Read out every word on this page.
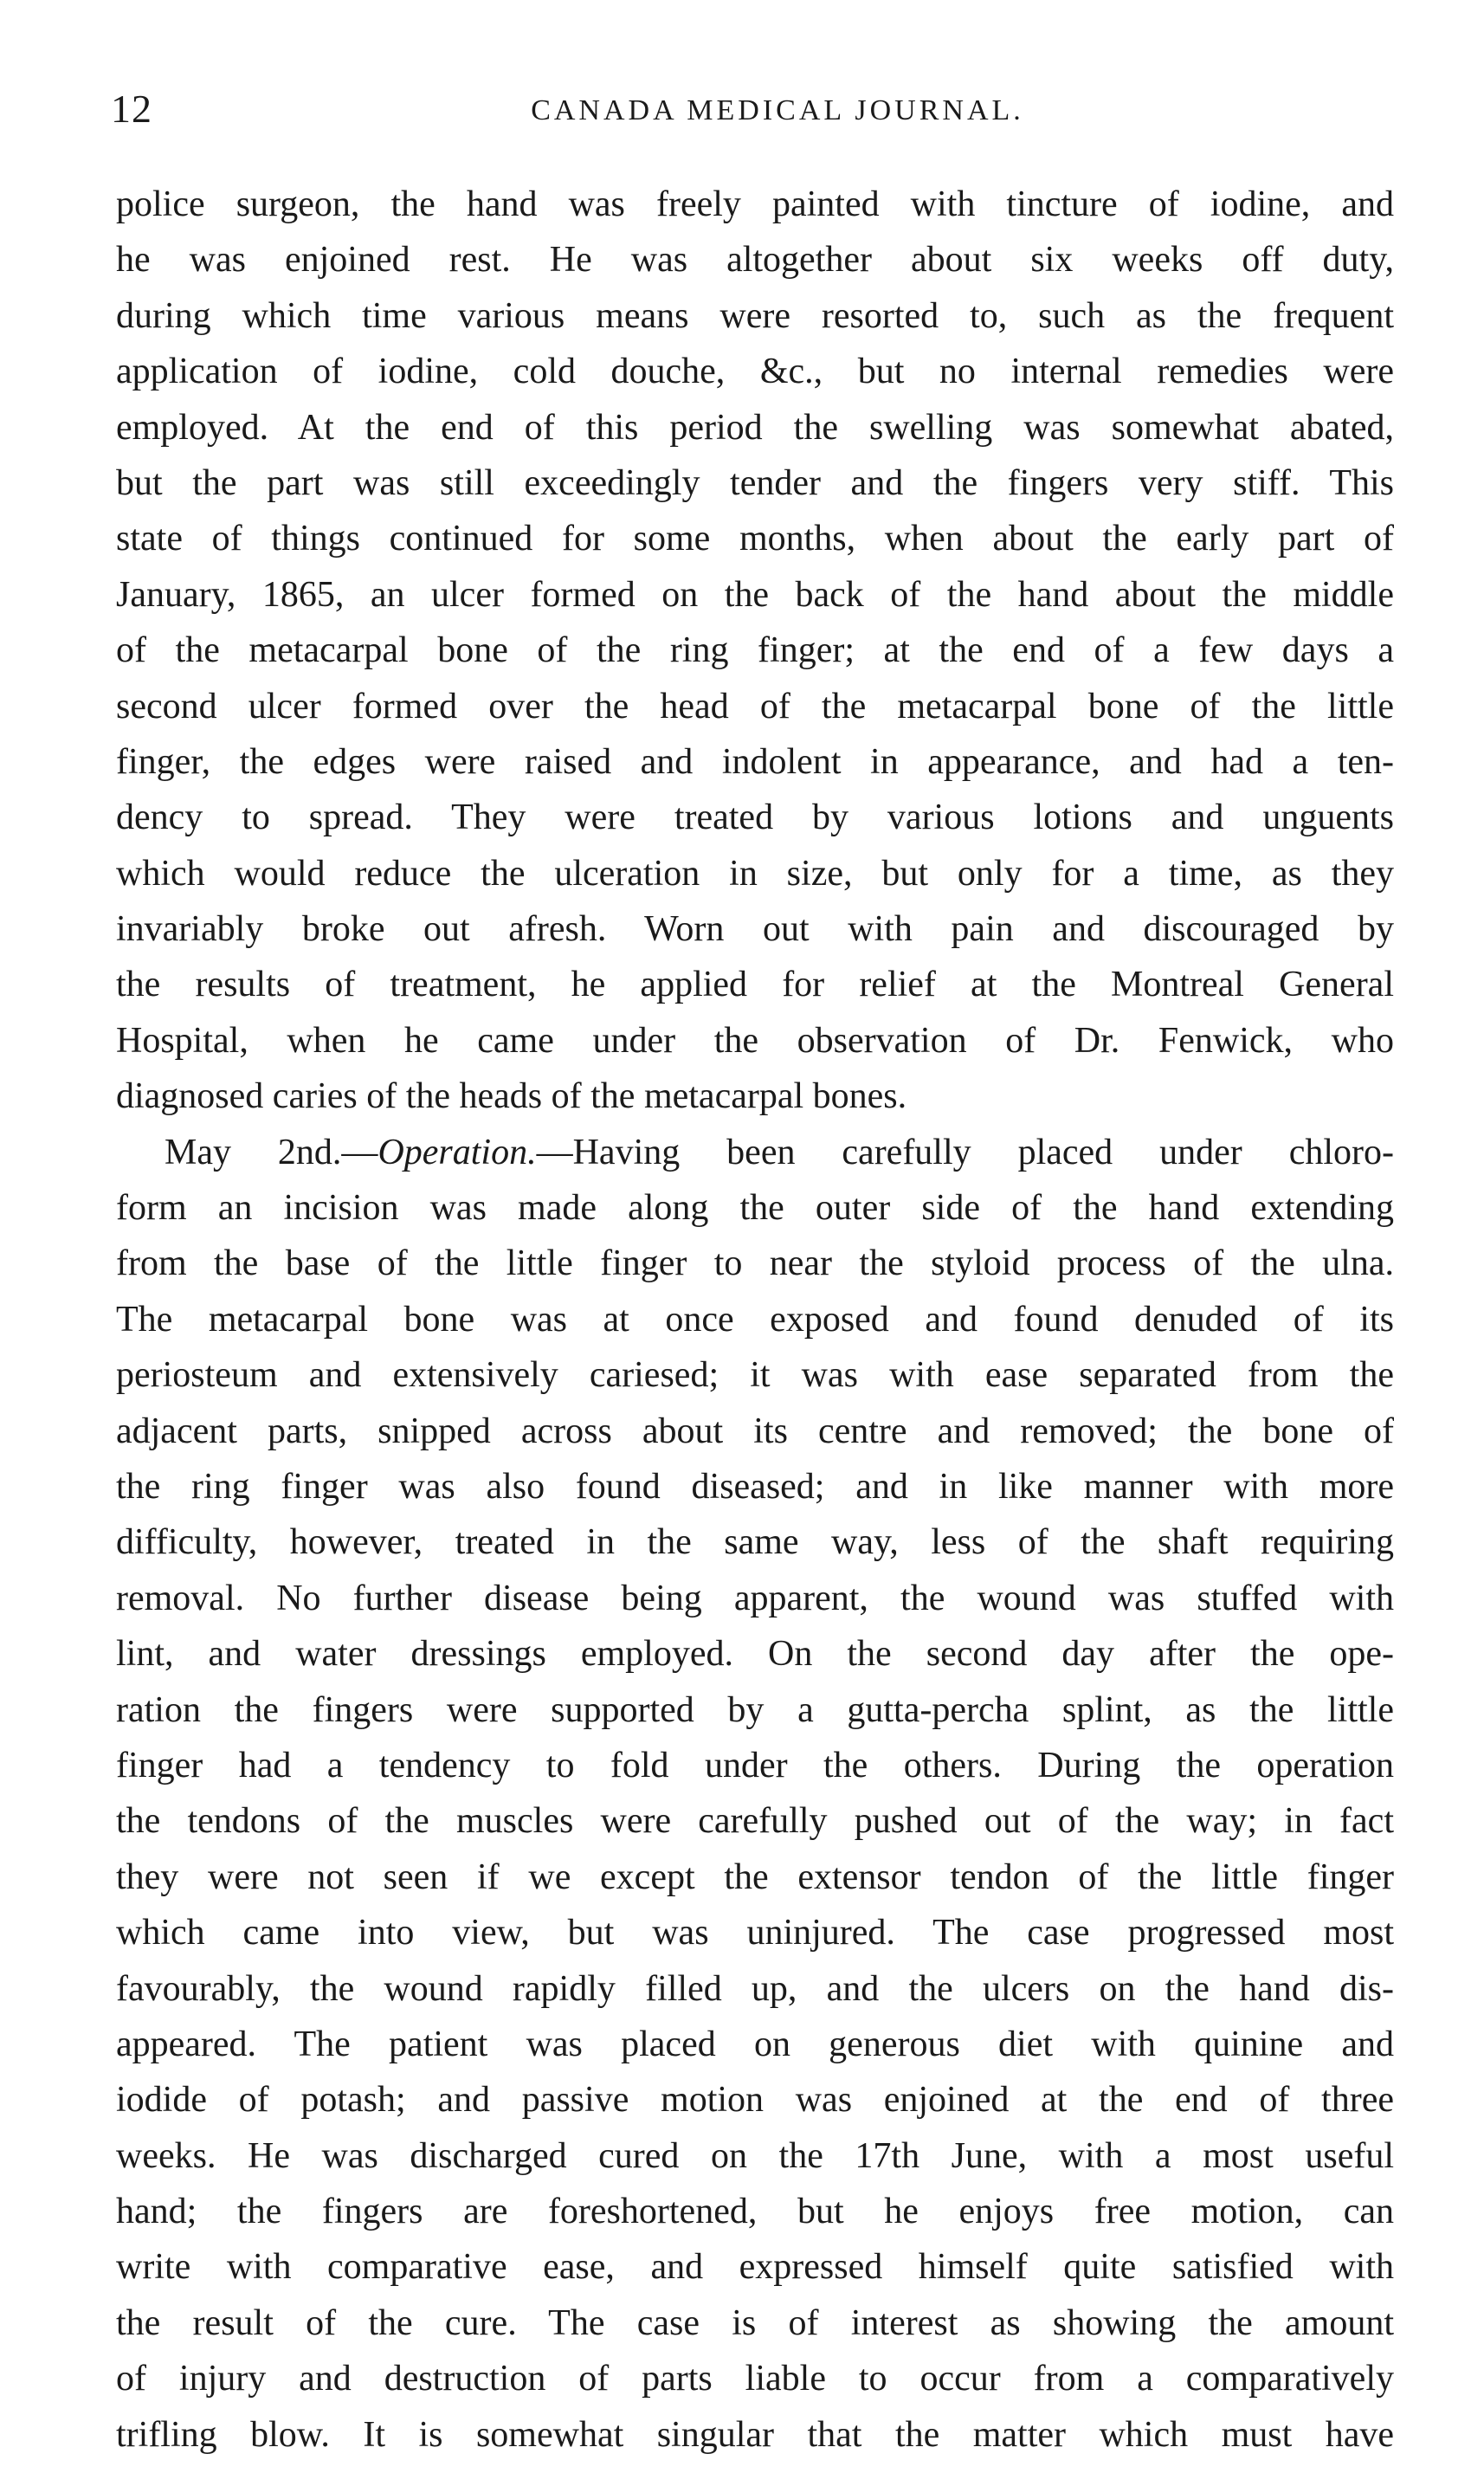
12	CANADA MEDICAL JOURNAL.
police surgeon, the hand was freely painted with tincture of iodine, and
he was enjoined rest. He was altogether about six weeks off duty,
during which time various means were resorted to, such as the frequent
application of iodine, cold douche, &c., but no internal remedies were
employed. At the end of this period the swelling was somewhat abated,
but the part was still exceedingly tender and the fingers very stiff. This
state of things continued for some months, when about the early part of
January, 1865, an ulcer formed on the back of the hand about the middle
of the metacarpal bone of the ring finger; at the end of a few days a
second ulcer formed over the head of the metacarpal bone of the little
finger, the edges were raised and indolent in appearance, and had a ten-
dency to spread. They were treated by various lotions and unguents
which would reduce the ulceration in size, but only for a time, as they
invariably broke out afresh. Worn out with pain and discouraged by
the results of treatment, he applied for relief at the Montreal General
Hospital, when he came under the observation of Dr. Fenwick, who
diagnosed caries of the heads of the metacarpal bones.
May 2nd.—Operation.—Having been carefully placed under chloro-
form an incision was made along the outer side of the hand extending
from the base of the little finger to near the styloid process of the ulna.
The metacarpal bone was at once exposed and found denuded of its
periosteum and extensively cariesed; it was with ease separated from the
adjacent parts, snipped across about its centre and removed; the bone of
the ring finger was also found diseased; and in like manner with more
difficulty, however, treated in the same way, less of the shaft requiring
removal. No further disease being apparent, the wound was stuffed with
lint, and water dressings employed. On the second day after the ope-
ration the fingers were supported by a gutta-percha splint, as the little
finger had a tendency to fold under the others. During the operation
the tendons of the muscles were carefully pushed out of the way; in fact
they were not seen if we except the extensor tendon of the little finger
which came into view, but was uninjured. The case progressed most
favourably, the wound rapidly filled up, and the ulcers on the hand dis-
appeared. The patient was placed on generous diet with quinine and
iodide of potash; and passive motion was enjoined at the end of three
weeks. He was discharged cured on the 17th June, with a most useful
hand; the fingers are foreshortened, but he enjoys free motion, can
write with comparative ease, and expressed himself quite satisfied with
the result of the cure. The case is of interest as showing the amount
of injury and destruction of parts liable to occur from a comparatively
trifling blow. It is somewhat singular that the matter which must have
